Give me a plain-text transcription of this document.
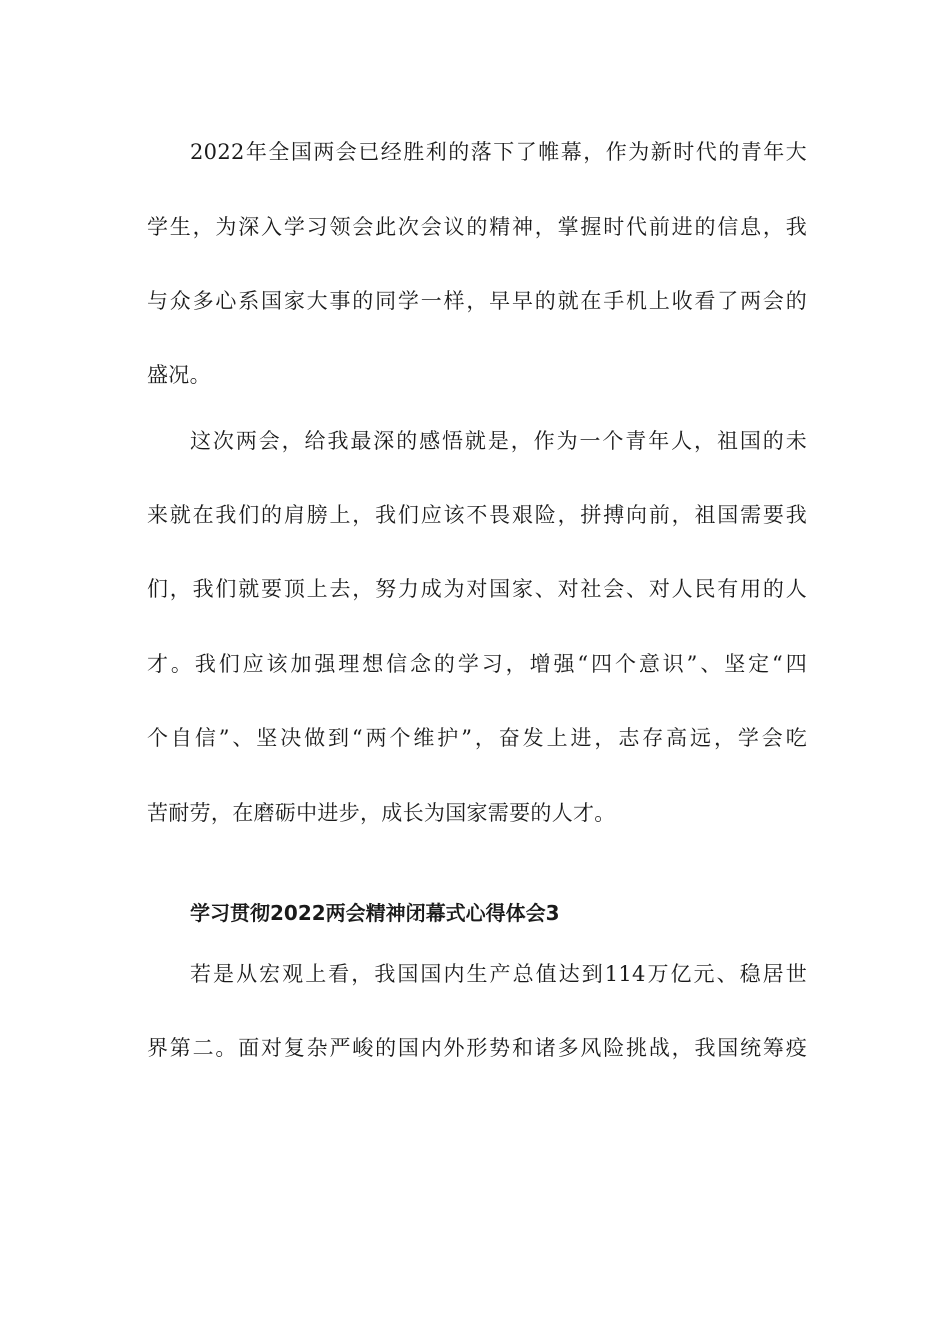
2022年全国两会已经胜利的落下了帷幕，作为新时代的青年大
学生，为深入学习领会此次会议的精神，掌握时代前进的信息，我
与众多心系国家大事的同学一样，早早的就在手机上收看了两会的
盛况。
这次两会，给我最深的感悟就是，作为一个青年人，祖国的未
来就在我们的肩膀上，我们应该不畏艰险，拼搏向前，祖国需要我
们，我们就要顶上去，努力成为对国家、对社会、对人民有用的人
才。我们应该加强理想信念的学习，增强“四个意识”、坚定“四
个自信”、坚决做到“两个维护”，奋发上进，志存高远，学会吃
苦耐劳，在磨砺中进步，成长为国家需要的人才。
学习贯彻2022两会精神闭幕式心得体会3
若是从宏观上看，我国国内生产总值达到114万亿元、稳居世
界第二。面对复杂严峻的国内外形势和诸多风险挑战，我国统筹疫
